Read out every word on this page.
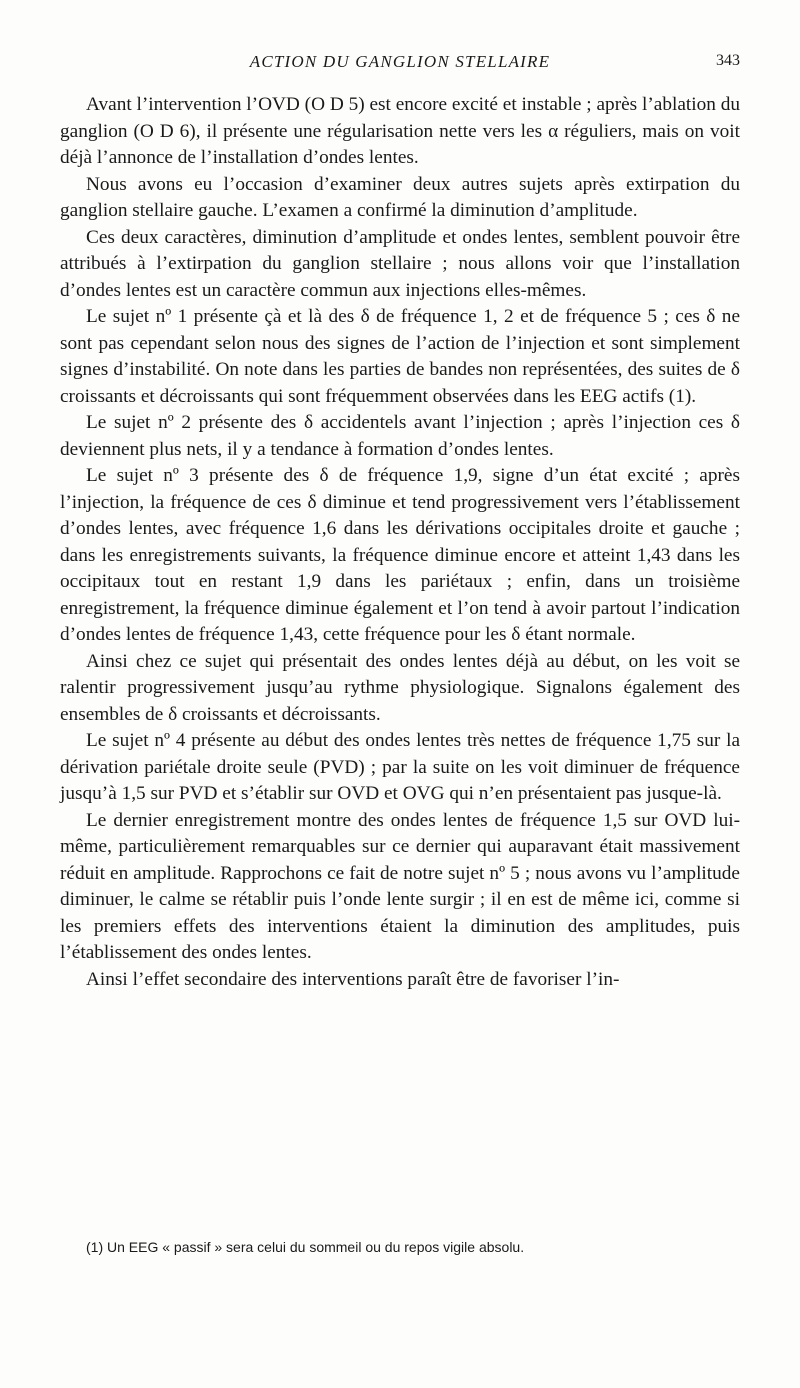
ACTION DU GANGLION STELLAIRE	343

Avant l’intervention l’OVD (O D 5) est encore excité et instable ; après l’ablation du ganglion (O D 6), il présente une régularisation nette vers les α réguliers, mais on voit déjà l’annonce de l’installation d’ondes lentes.

Nous avons eu l’occasion d’examiner deux autres sujets après extirpation du ganglion stellaire gauche. L’examen a confirmé la diminution d’amplitude.

Ces deux caractères, diminution d’amplitude et ondes lentes, semblent pouvoir être attribués à l’extirpation du ganglion stellaire ; nous allons voir que l’installation d’ondes lentes est un caractère commun aux injections elles-mêmes.

Le sujet nº 1 présente çà et là des δ de fréquence 1, 2 et de fréquence 5 ; ces δ ne sont pas cependant selon nous des signes de l’action de l’injection et sont simplement signes d’instabilité. On note dans les parties de bandes non représentées, des suites de δ croissants et décroissants qui sont fréquemment observées dans les EEG actifs (1).

Le sujet nº 2 présente des δ accidentels avant l’injection ; après l’injection ces δ deviennent plus nets, il y a tendance à formation d’ondes lentes.

Le sujet nº 3 présente des δ de fréquence 1,9, signe d’un état excité ; après l’injection, la fréquence de ces δ diminue et tend progressivement vers l’établissement d’ondes lentes, avec fréquence 1,6 dans les dérivations occipitales droite et gauche ; dans les enregistrements suivants, la fréquence diminue encore et atteint 1,43 dans les occipitaux tout en restant 1,9 dans les pariétaux ; enfin, dans un troisième enregistrement, la fréquence diminue également et l’on tend à avoir partout l’indication d’ondes lentes de fréquence 1,43, cette fréquence pour les δ étant normale.

Ainsi chez ce sujet qui présentait des ondes lentes déjà au début, on les voit se ralentir progressivement jusqu’au rythme physiologique. Signalons également des ensembles de δ croissants et décroissants.

Le sujet nº 4 présente au début des ondes lentes très nettes de fréquence 1,75 sur la dérivation pariétale droite seule (PVD) ; par la suite on les voit diminuer de fréquence jusqu’à 1,5 sur PVD et s’établir sur OVD et OVG qui n’en présentaient pas jusque-là.

Le dernier enregistrement montre des ondes lentes de fréquence 1,5 sur OVD lui-même, particulièrement remarquables sur ce dernier qui auparavant était massivement réduit en amplitude. Rapprochons ce fait de notre sujet nº 5 ; nous avons vu l’amplitude diminuer, le calme se rétablir puis l’onde lente surgir ; il en est de même ici, comme si les premiers effets des interventions étaient la diminution des amplitudes, puis l’établissement des ondes lentes.

Ainsi l’effet secondaire des interventions paraît être de favoriser l’in-

(1) Un EEG « passif » sera celui du sommeil ou du repos vigile absolu.
